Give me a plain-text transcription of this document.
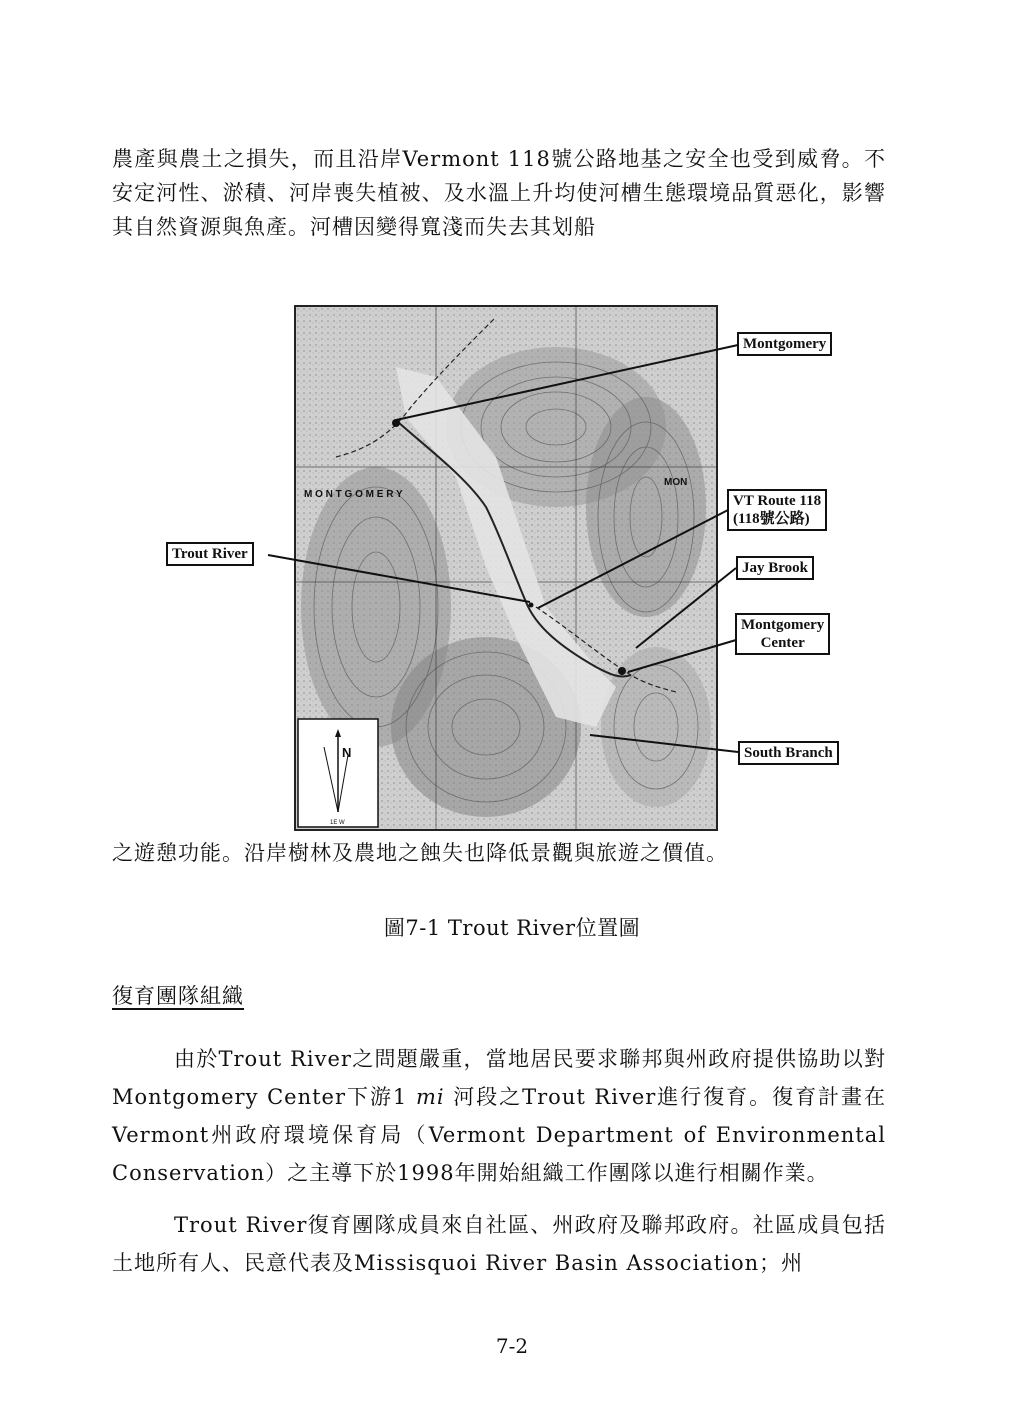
農產與農土之損失，而且沿岸Vermont 118號公路地基之安全也受到威脅。不安定河性、淤積、河岸喪失植被、及水溫上升均使河槽生態環境品質惡化，影響其自然資源與魚產。河槽因變得寬淺而失去其划船

M O N T G O M E R Y
MON
N
1E W
Montgomery
VT Route 118
(118號公路)
Trout River
Jay Brook
Montgomery
Center
South Branch

之遊憩功能。沿岸樹林及農地之蝕失也降低景觀與旅遊之價值。

圖7-1 Trout River位置圖
復育團隊組織

由於Trout River之問題嚴重，當地居民要求聯邦與州政府提供協助以對Montgomery Center下游1 mi 河段之Trout River進行復育。復育計畫在Vermont州政府環境保育局（Vermont Department of Environmental Conservation）之主導下於1998年開始組織工作團隊以進行相關作業。

Trout River復育團隊成員來自社區、州政府及聯邦政府。社區成員包括土地所有人、民意代表及Missisquoi River Basin Association；州

7-2
